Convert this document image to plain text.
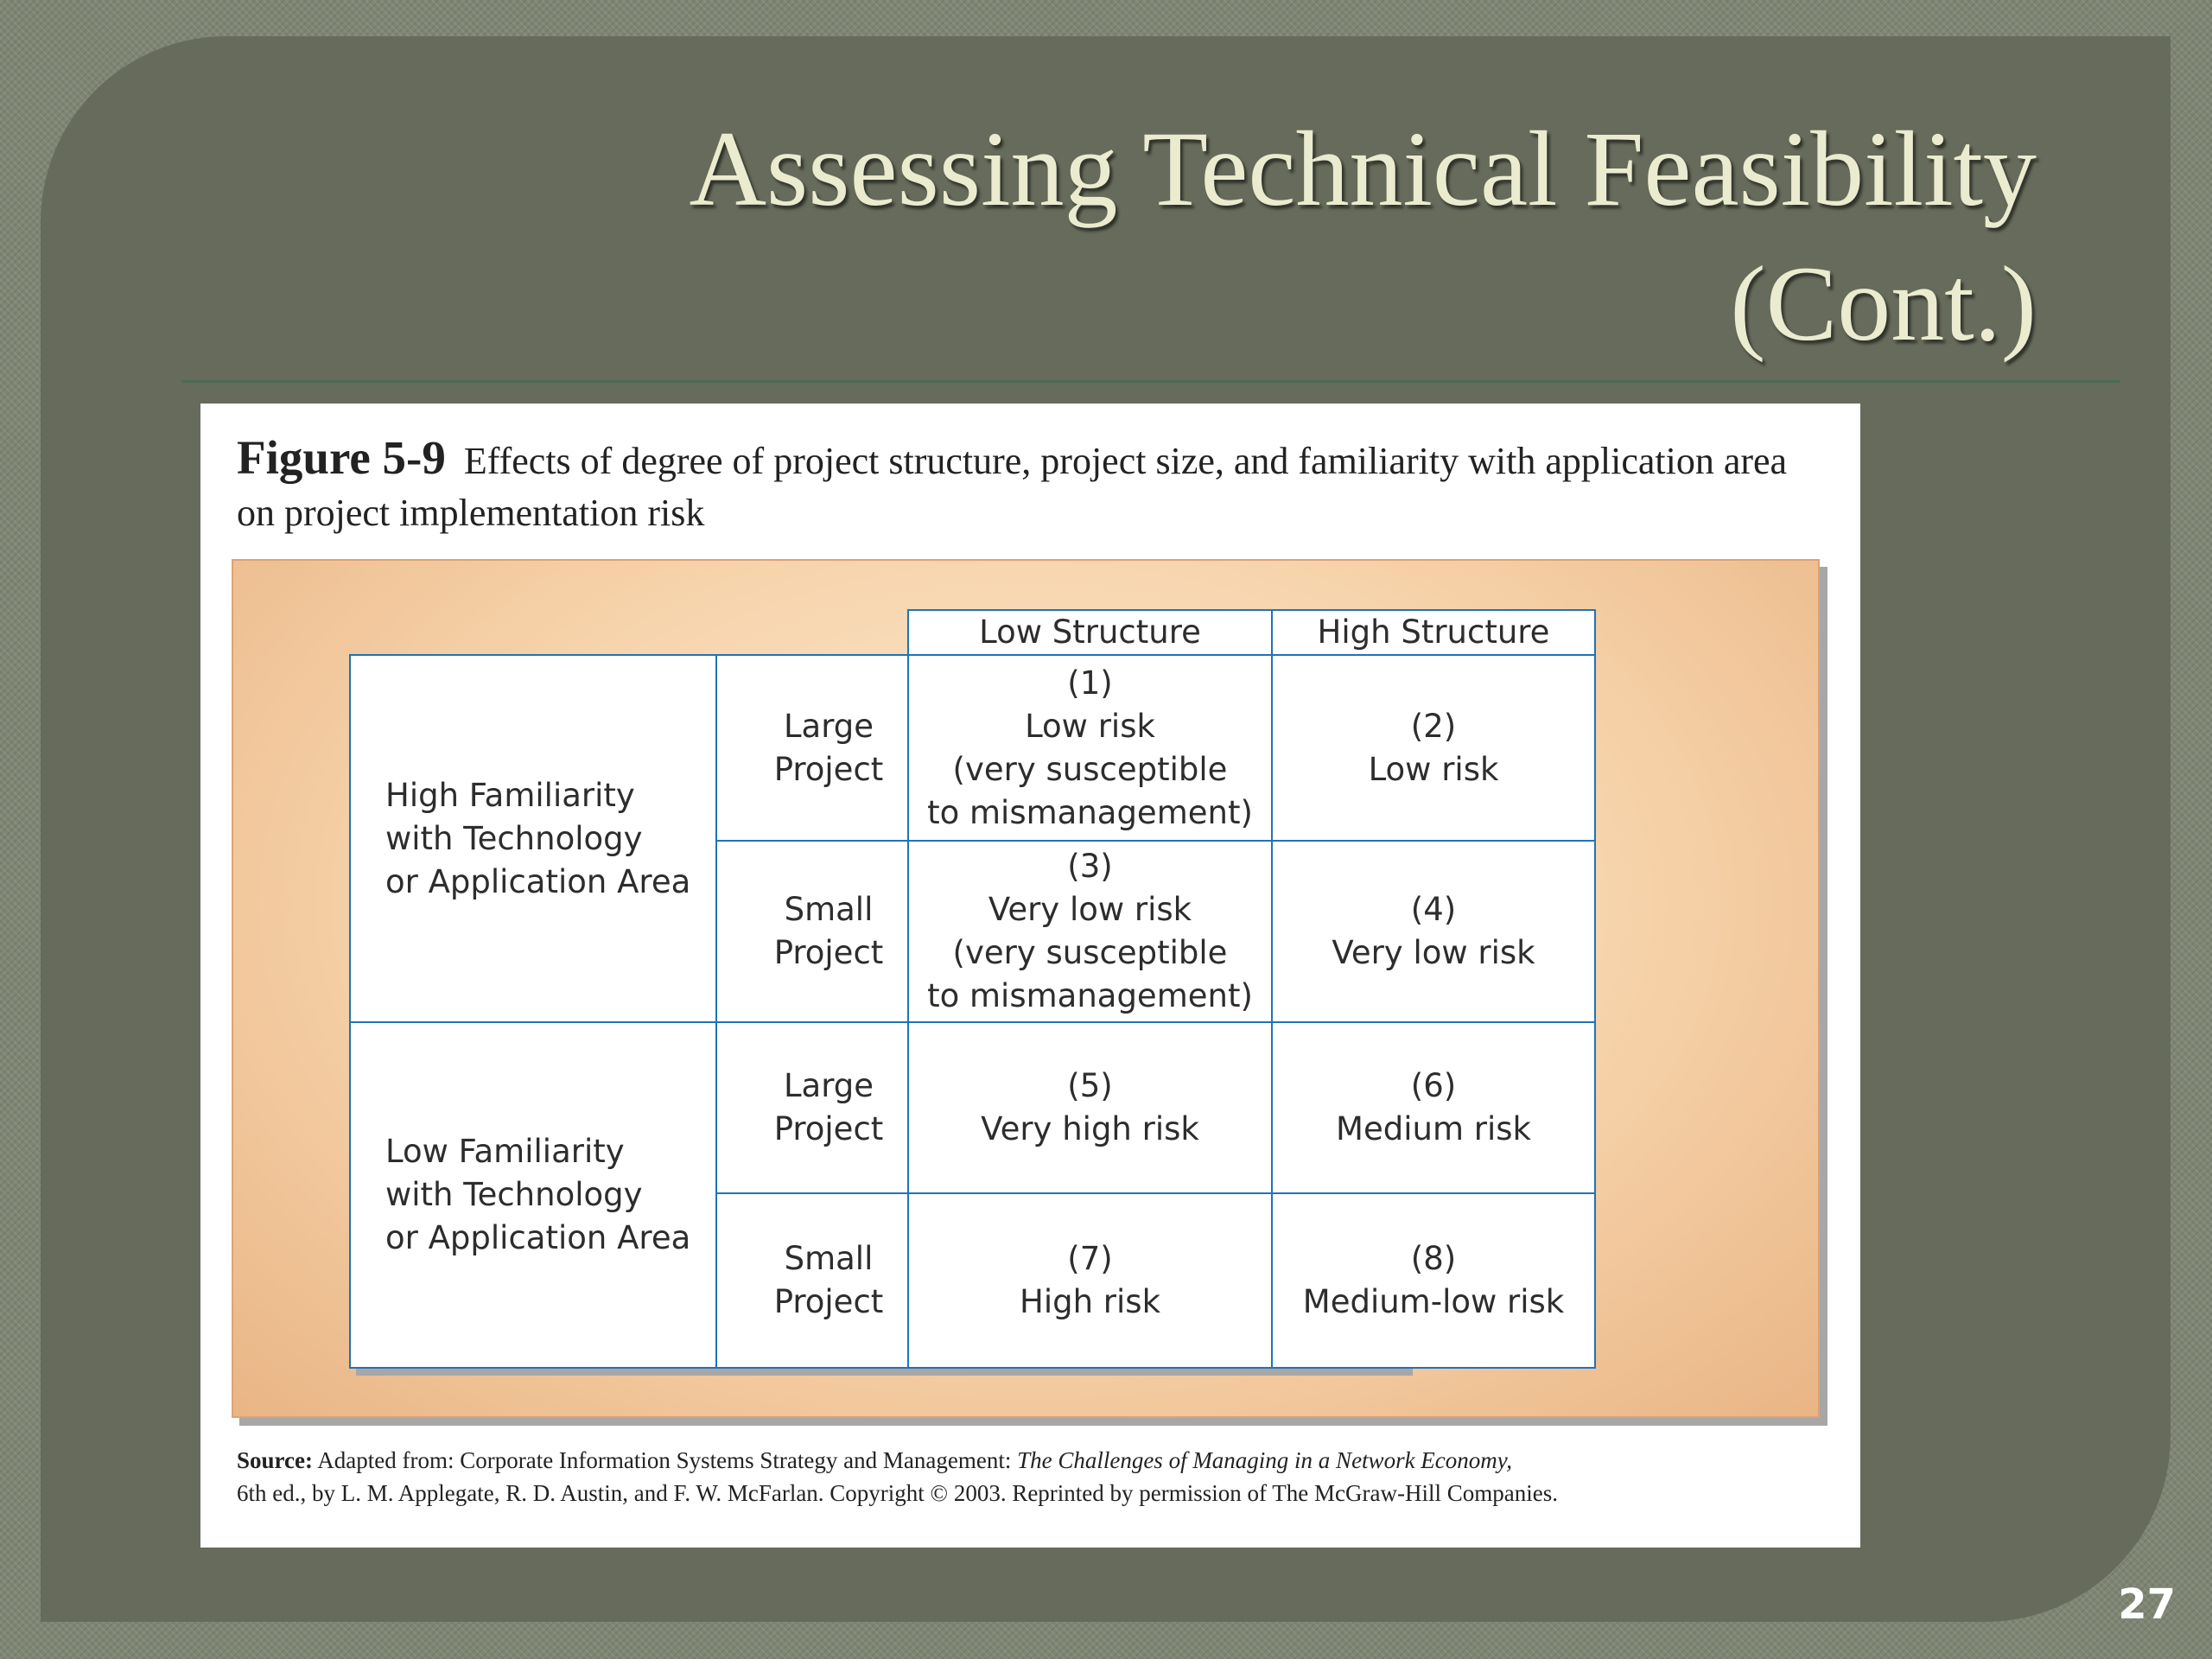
Assessing Technical Feasibility
(Cont.)

Figure 5-9 Effects of degree of project structure, project size, and familiarity with application area on project implementation risk

Low Structure	High Structure
High Familiarity
with Technology
or Application Area
Low Familiarity
with Technology
or Application Area
Large Project
(1)
Low risk
(very susceptible
to mismanagement)
(2)
Low risk
Small Project
(3)
Very low risk
(very susceptible
to mismanagement)
(4)
Very low risk
Large Project
(5)
Very high risk
(6)
Medium risk
Small Project
(7)
High risk
(8)
Medium-low risk

Source: Adapted from: Corporate Information Systems Strategy and Management: The Challenges of Managing in a Network Economy,
6th ed., by L. M. Applegate, R. D. Austin, and F. W. McFarlan. Copyright © 2003. Reprinted by permission of The McGraw-Hill Companies.

27
